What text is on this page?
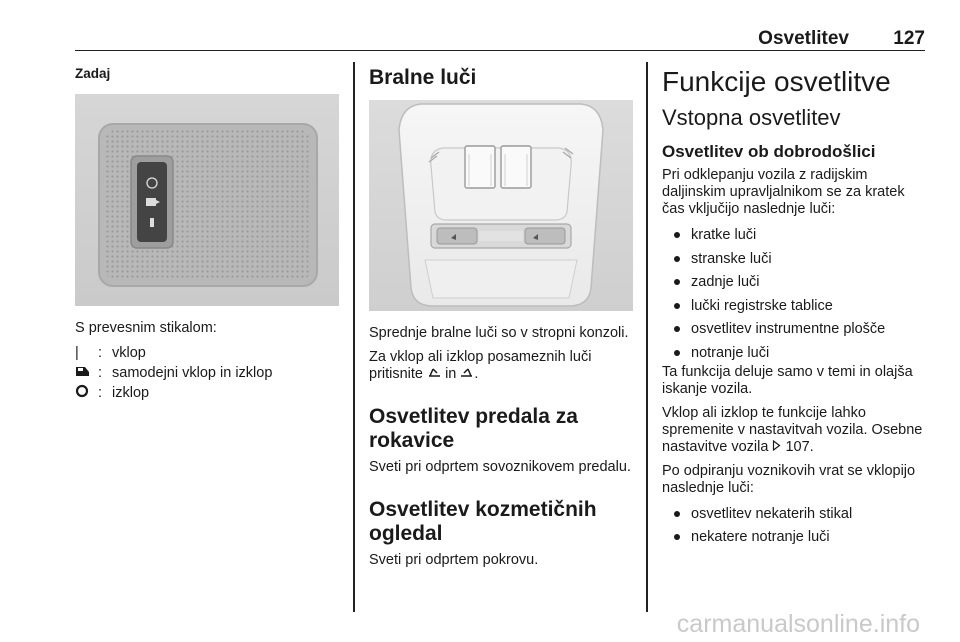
Osvetlitev 127
Zadaj

S prevesnim stikalom:

|	: vklop
: samodejni vklop in izklop
: izklop
Bralne luči

Sprednje bralne luči so v stropni konzoli.

Za vklop ali izklop posameznih luči pritisnite in .

Osvetlitev predala za rokavice

Sveti pri odprtem sovoznikovem predalu.

Osvetlitev kozmetičnih ogledal

Sveti pri odprtem pokrovu.

Funkcije osvetlitve
Vstopna osvetlitev
Osvetlitev ob dobrodošlici

Pri odklepanju vozila z radijskim daljinskim upravljalnikom se za kratek čas vključijo naslednje luči:

kratke luči
stranske luči
zadnje luči
lučki registrske tablice
osvetlitev instrumentne plošče
notranje luči

Ta funkcija deluje samo v temi in olajša iskanje vozila.

Vklop ali izklop te funkcije lahko spremenite v nastavitvah vozila. Osebne nastavitve vozila 107.

Po odpiranju voznikovih vrat se vklopijo naslednje luči:

osvetlitev nekaterih stikal
nekatere notranje luči
carmanualsonline.info
